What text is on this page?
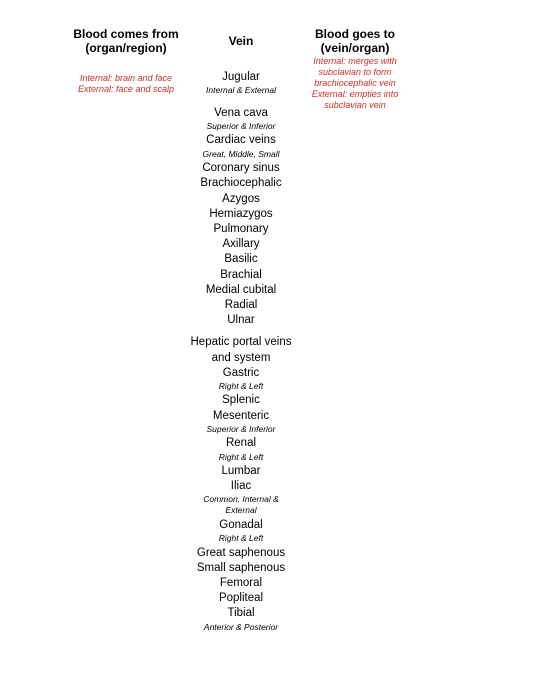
Blood comes from
(organ/region)	Vein	Blood goes to
(vein/organ)
Internal: brain and face
External: face and scalp
Internal: merges with
subclavian to form
brachiocephalic vein
External: empties into
subclavian vein
Jugular
Internal & External
Vena cava
Superior & Inferior
Cardiac veins
Great, Middle, Small
Coronary sinus
Brachiocephalic
Azygos
Hemiazygos
Pulmonary
Axillary
Basilic
Brachial
Medial cubital
Radial
Ulnar
Hepatic portal veins
and system
Gastric
Right & Left
Splenic
Mesenteric
Superior & Inferior
Renal
Right & Left
Lumbar
Iliac
Common, Internal &
External
Gonadal
Right & Left
Great saphenous
Small saphenous
Femoral
Popliteal
Tibial
Anterior & Posterior
